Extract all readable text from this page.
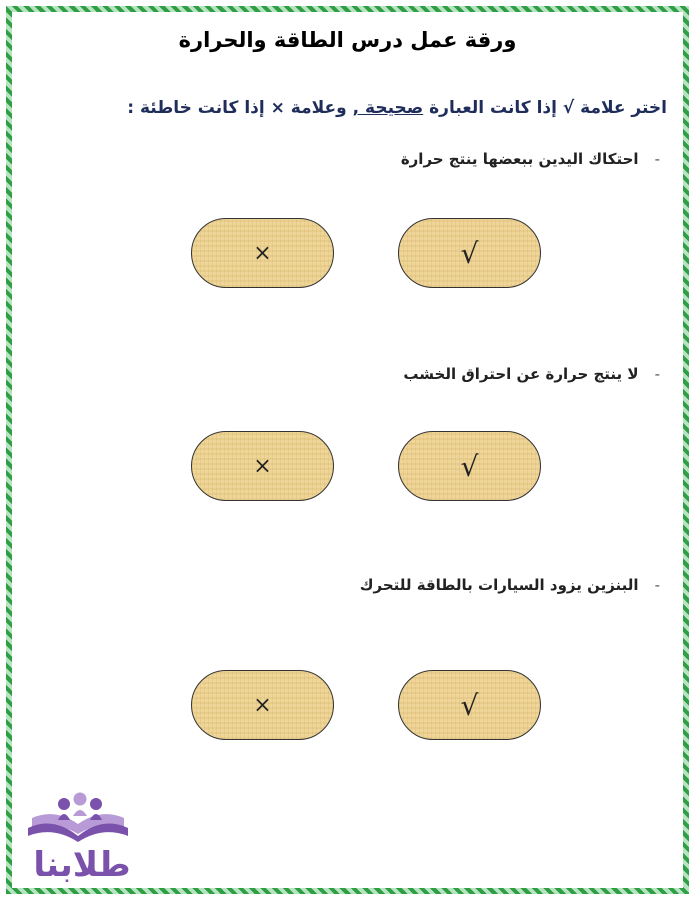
ورقة عمل درس الطاقة والحرارة
اختر علامة √ إذا كانت العبارة صحيحة , وعلامة × إذا كانت خاطئة :
-احتكاك اليدين ببعضها ينتج حرارة
√
×
-لا ينتج حرارة عن احتراق الخشب
√
×
-البنزين يزود السيارات بالطاقة للتحرك
√
×
طلابنا
